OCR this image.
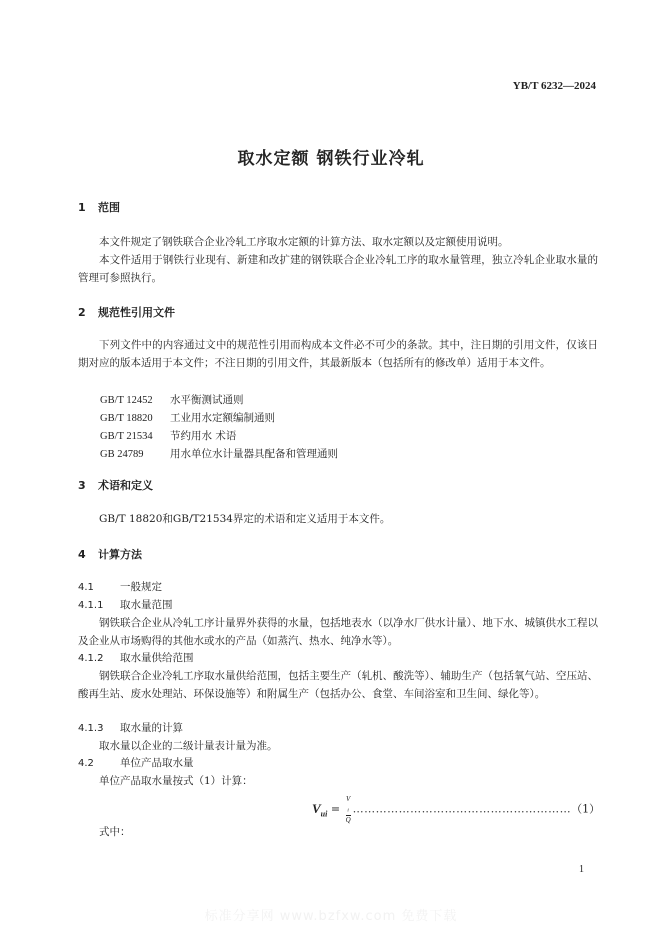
YB/T 6232—2024
取水定额 钢铁行业冷轧
1 范围
本文件规定了钢铁联合企业冷轧工序取水定额的计算方法、取水定额以及定额使用说明。
本文件适用于钢铁行业现有、新建和改扩建的钢铁联合企业冷轧工序的取水量管理，独立冷轧企业取水量的管理可参照执行。
2 规范性引用文件
下列文件中的内容通过文中的规范性引用而构成本文件必不可少的条款。其中，注日期的引用文件，仅该日期对应的版本适用于本文件；不注日期的引用文件，其最新版本（包括所有的修改单）适用于本文件。
GB/T 12452 水平衡测试通则
GB/T 18820 工业用水定额编制通则
GB/T 21534 节约用水 术语
GB 24789	用水单位水计量器具配备和管理通则
3 术语和定义
GB/T 18820和GB/T21534界定的术语和定义适用于本文件。
4 计算方法
4.1 一般规定
4.1.1 取水量范围
钢铁联合企业从冷轧工序计量界外获得的水量，包括地表水（以净水厂供水计量）、地下水、城镇供水工程以及企业从市场购得的其他水或水的产品（如蒸汽、热水、纯净水等）。
4.1.2 取水量供给范围
钢铁联合企业冷轧工序取水量供给范围，包括主要生产（轧机、酸洗等）、辅助生产（包括氧气站、空压站、酸再生站、废水处理站、环保设施等）和附属生产（包括办公、食堂、车间浴室和卫生间、绿化等）。
4.1.3 取水量的计算
取水量以企业的二级计量表计量为准。
4.2 单位产品取水量
单位产品取水量按式（1）计算：
$V_{ui} = V$
$_i$
Q …………………………………………………（1）
式中：
1
标准分享网 www.bzfxw.com 免费下载
